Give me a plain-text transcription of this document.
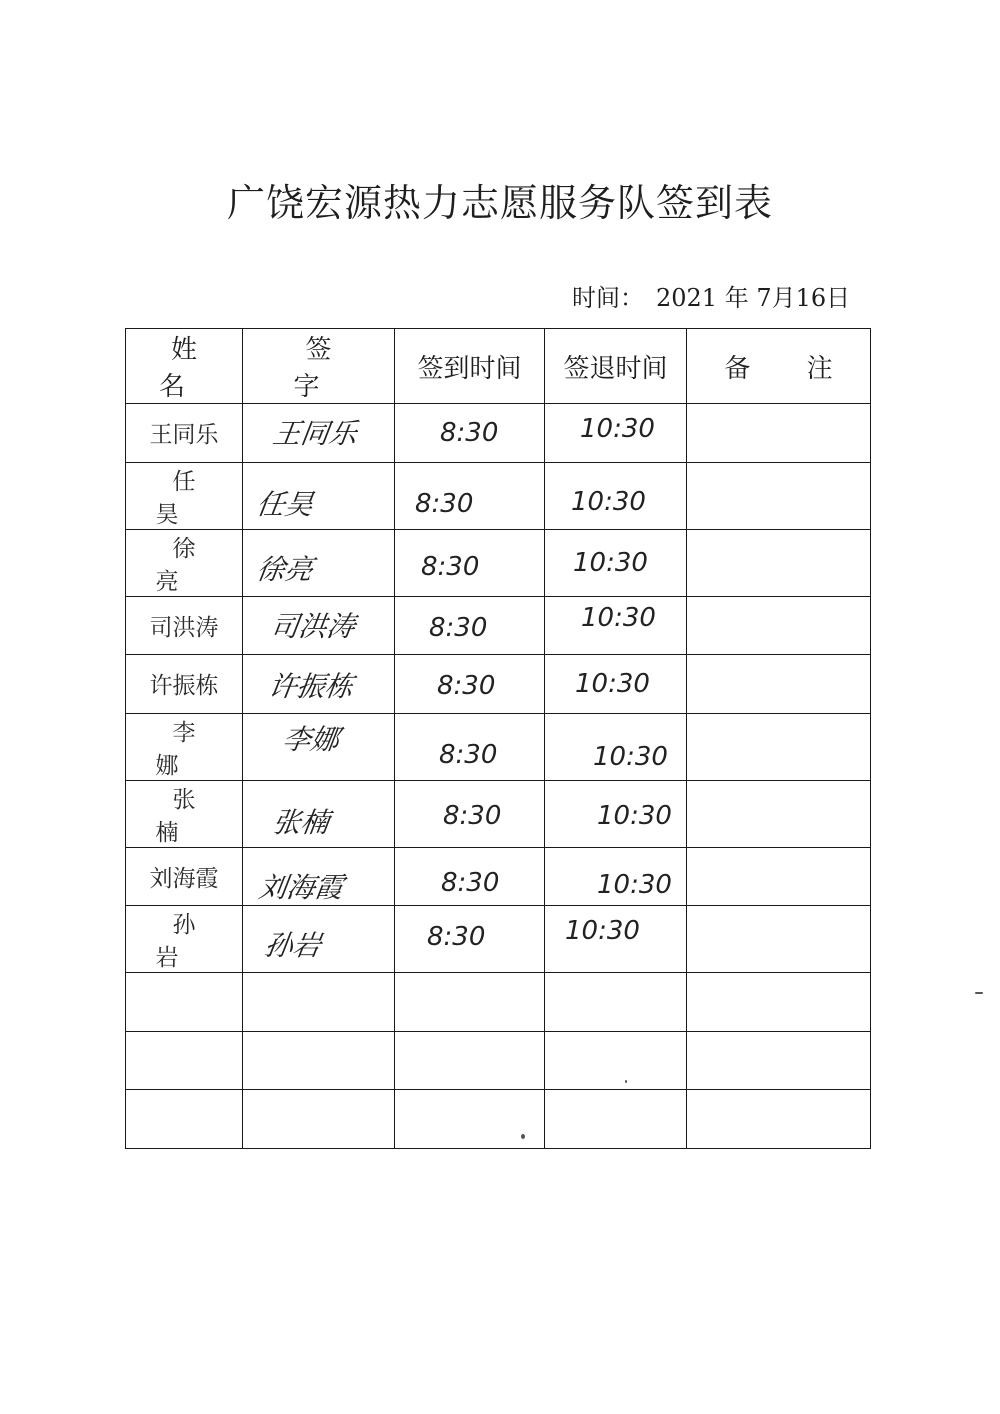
广饶宏源热力志愿服务队签到表
时间： 2021 年 7月16日
姓 名	签 字	签到时间	签退时间	备 注
王同乐	王同乐	8:30	10:30	

任昊	任昊	8:30	10:30	

徐亮	徐亮	8:30	10:30	

司洪涛	司洪涛	8:30	10:30	

许振栋	许振栋	8:30	10:30	

李娜	李娜	8:30	10:30	

张楠	张楠	8:30	10:30	

刘海霞	刘海霞	8:30	10:30	

孙岩	孙岩	8:30	10:30	
